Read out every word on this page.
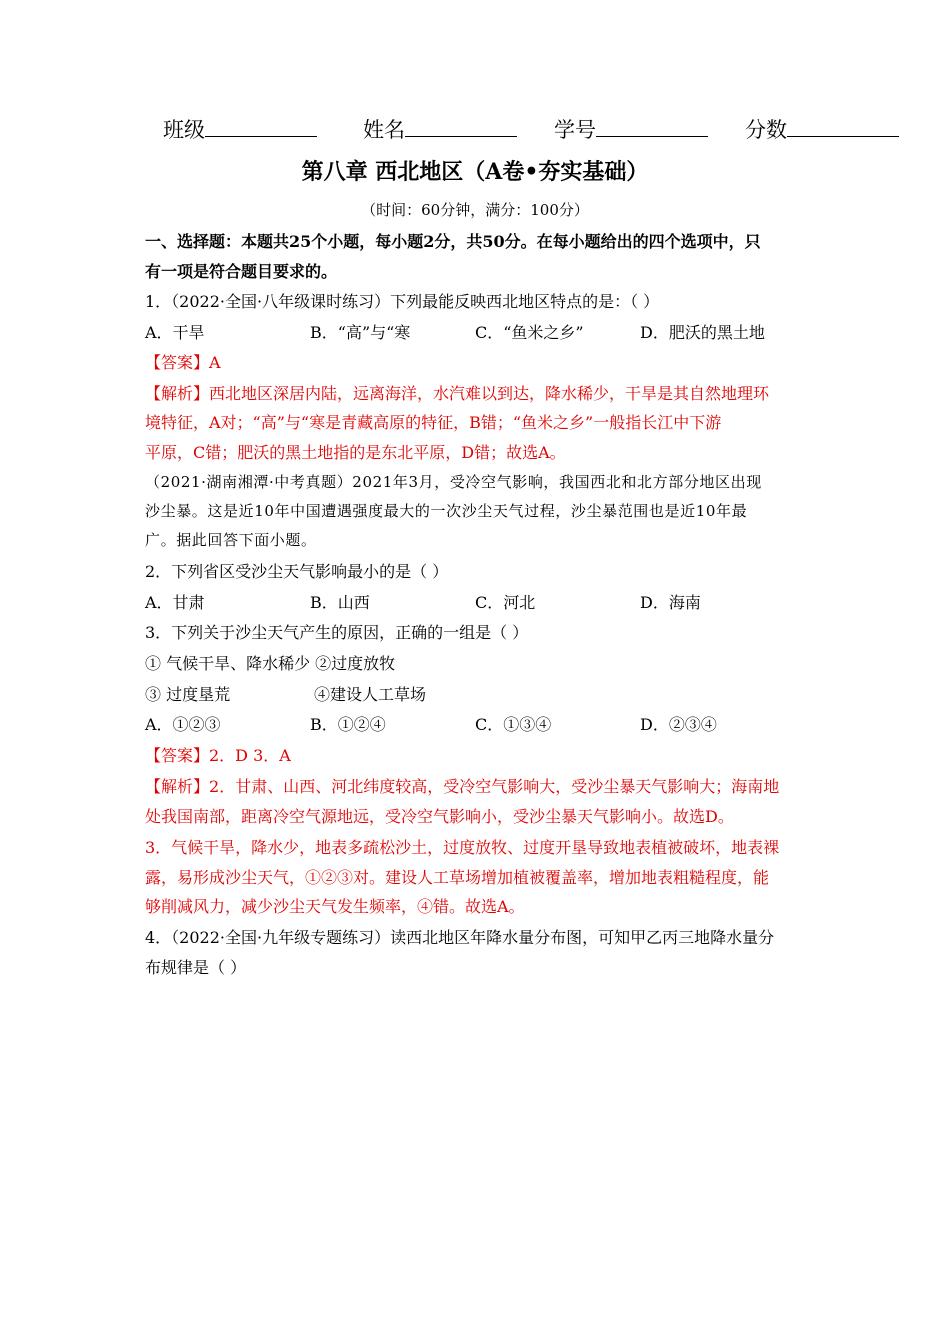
班级	姓名	学号	分数
第八章 西北地区（A卷•夯实基础）
（时间：60分钟，满分：100分）
一、选择题：本题共25个小题，每小题2分，共50分。在每小题给出的四个选项中，只
有一项是符合题目要求的。
1．（2022·全国·八年级课时练习）下列最能反映西北地区特点的是：（ ）
A．干旱	B．“高”与“寒	C．“鱼米之乡”	D．肥沃的黑土地
【答案】A
【解析】西北地区深居内陆，远离海洋，水汽难以到达，降水稀少，干旱是其自然地理环
境特征，A对；“高”与“寒是青藏高原的特征，B错；“鱼米之乡”一般指长江中下游
平原，C错；肥沃的黑土地指的是东北平原，D错；故选A。
（2021·湖南湘潭·中考真题）2021年3月，受冷空气影响，我国西北和北方部分地区出现
沙尘暴。这是近10年中国遭遇强度最大的一次沙尘天气过程，沙尘暴范围也是近10年最
广。据此回答下面小题。
2．下列省区受沙尘天气影响最小的是（ ）
A．甘肃	B．山西	C．河北	D．海南
3．下列关于沙尘天气产生的原因，正确的一组是（ ）
① 气候干旱、降水稀少 ②过度放牧
③ 过度垦荒	④建设人工草场
A．①②③	B．①②④	C．①③④	D．②③④
【答案】2．D 3．A
【解析】2．甘肃、山西、河北纬度较高，受冷空气影响大，受沙尘暴天气影响大；海南地
处我国南部，距离冷空气源地远，受冷空气影响小，受沙尘暴天气影响小。故选D。
3．气候干旱，降水少，地表多疏松沙土，过度放牧、过度开垦导致地表植被破坏，地表裸
露，易形成沙尘天气，①②③对。建设人工草场增加植被覆盖率，增加地表粗糙程度，能
够削减风力，减少沙尘天气发生频率，④错。故选A。
4．（2022·全国·九年级专题练习）读西北地区年降水量分布图，可知甲乙丙三地降水量分
布规律是（ ）
